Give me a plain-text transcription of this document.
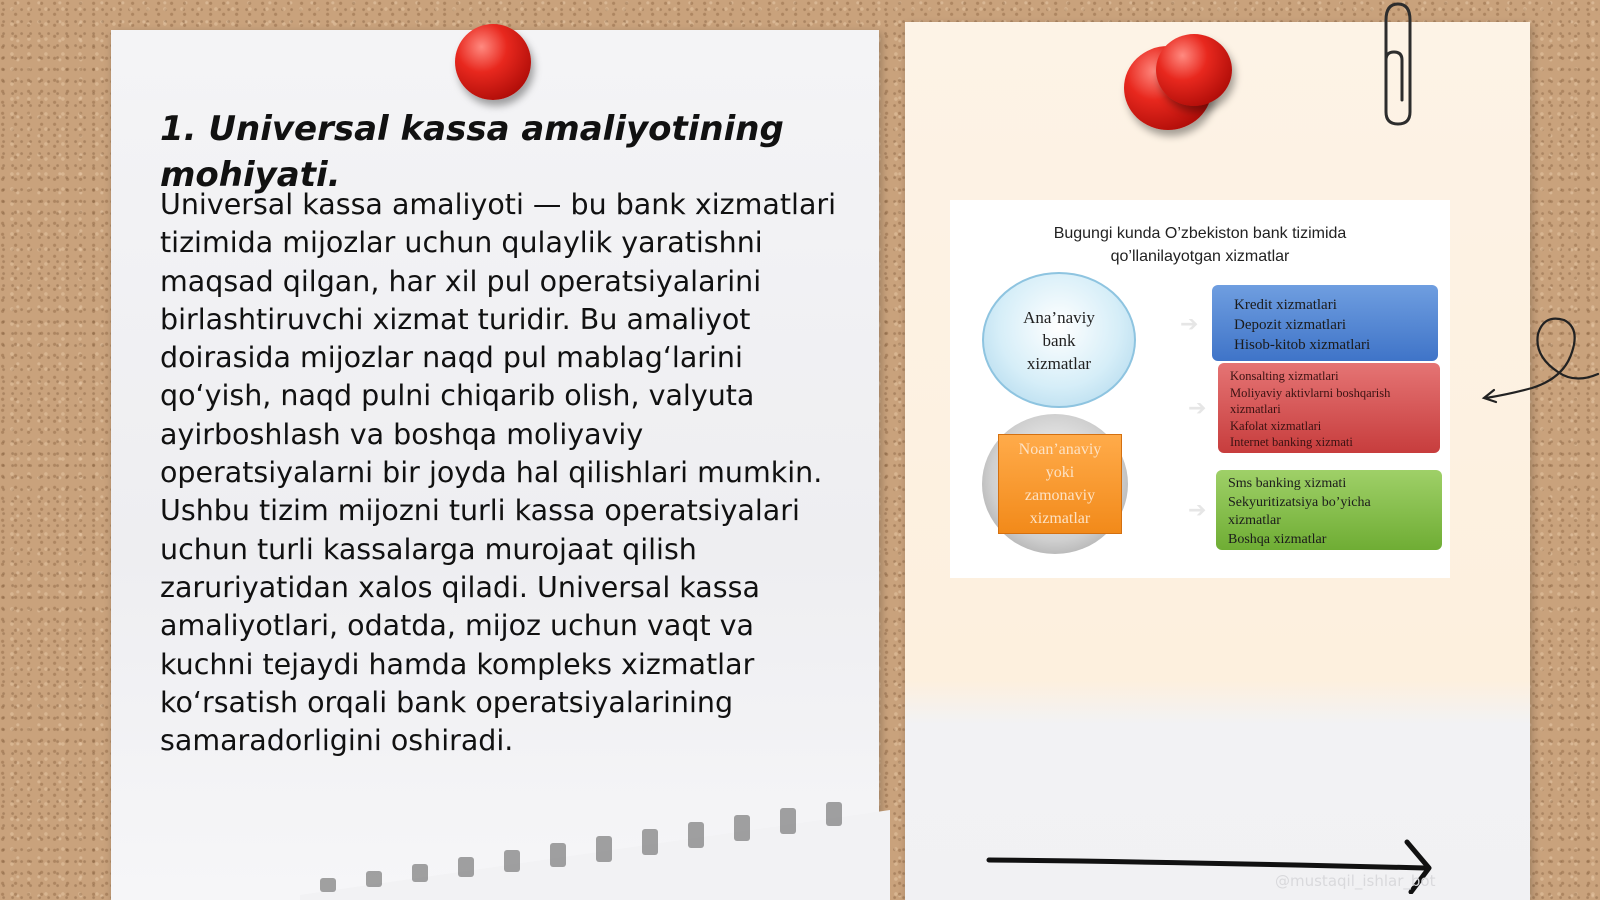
1. Universal kassa amaliyotining mohiyati.

Universal kassa amaliyoti — bu bank xizmatlari tizimida mijozlar uchun qulaylik yaratishni maqsad qilgan, har xil pul operatsiyalarini birlashtiruvchi xizmat turidir. Bu amaliyot doirasida mijozlar naqd pul mablag‘larini qo‘yish, naqd pulni chiqarib olish, valyuta ayirboshlash va boshqa moliyaviy operatsiyalarni bir joyda hal qilishlari mumkin. Ushbu tizim mijozni turli kassa operatsiyalari uchun turli kassalarga murojaat qilish zaruriyatidan xalos qiladi. Universal kassa amaliyotlari, odatda, mijoz uchun vaqt va kuchni tejaydi hamda kompleks xizmatlar ko‘rsatish orqali bank operatsiyalarining samaradorligini oshiradi.

Bugungi kunda O’zbekiston bank tizimida
qo’llanilayotgan xizmatlar

Ana’naviy
bank
xizmatlar
Noan’anaviy
yoki
zamonaviy
xizmatlar
➔
➔
➔

Kredit xizmatlari

Depozit xizmatlari

Hisob-kitob xizmatlari

Konsalting xizmatlari

Moliyaviy aktivlarni boshqarish

xizmatlari

Kafolat xizmatlari

Internet banking xizmati

Sms banking xizmati

Sekyuritizatsiya bo’yicha

xizmatlar

Boshqa xizmatlar

@mustaqil_ishlar_bot
